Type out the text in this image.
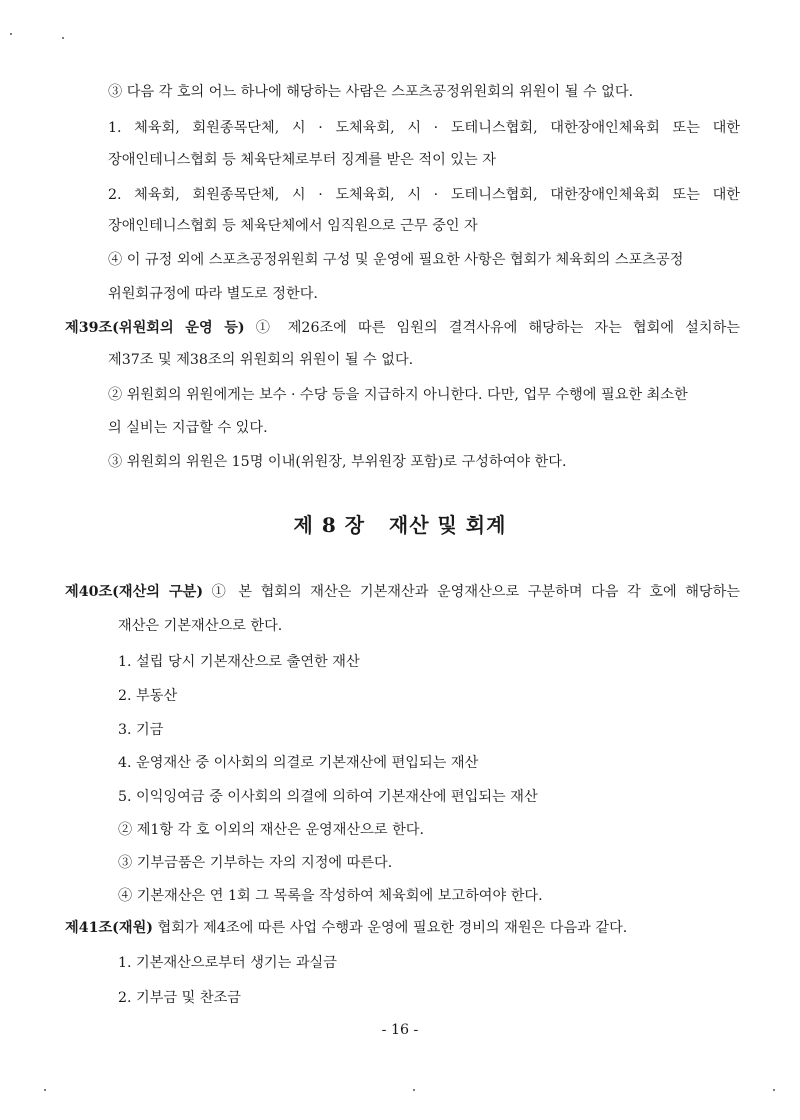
③ 다음 각 호의 어느 하나에 해당하는 사람은 스포츠공정위원회의 위원이 될 수 없다.
1. 체육회, 회원종목단체, 시 · 도체육회, 시 · 도테니스협회, 대한장애인체육회 또는 대한
장애인테니스협회 등 체육단체로부터 징계를 받은 적이 있는 자
2. 체육회, 회원종목단체, 시 · 도체육회, 시 · 도테니스협회, 대한장애인체육회 또는 대한
장애인테니스협회 등 체육단체에서 임직원으로 근무 중인 자
④ 이 규정 외에 스포츠공정위원회 구성 및 운영에 필요한 사항은 협회가 체육회의 스포츠공정
위원회규정에 따라 별도로 정한다.
제39조(위원회의 운영 등) ① 제26조에 따른 임원의 결격사유에 해당하는 자는 협회에 설치하는
제37조 및 제38조의 위원회의 위원이 될 수 없다.
② 위원회의 위원에게는 보수 · 수당 등을 지급하지 아니한다. 다만, 업무 수행에 필요한 최소한
의 실비는 지급할 수 있다.
③ 위원회의 위원은 15명 이내(위원장, 부위원장 포함)로 구성하여야 한다.
제 8 장   재산 및 회계
제40조(재산의 구분) ① 본 협회의 재산은 기본재산과 운영재산으로 구분하며 다음 각 호에 해당하는
재산은 기본재산으로 한다.
1. 설립 당시 기본재산으로 출연한 재산
2. 부동산
3. 기금
4. 운영재산 중 이사회의 의결로 기본재산에 편입되는 재산
5. 이익잉여금 중 이사회의 의결에 의하여 기본재산에 편입되는 재산
② 제1항 각 호 이외의 재산은 운영재산으로 한다.
③ 기부금품은 기부하는 자의 지정에 따른다.
④ 기본재산은 연 1회 그 목록을 작성하여 체육회에 보고하여야 한다.
제41조(재원) 협회가 제4조에 따른 사업 수행과 운영에 필요한 경비의 재원은 다음과 같다.
1. 기본재산으로부터 생기는 과실금
2. 기부금 및 찬조금
- 16 -
